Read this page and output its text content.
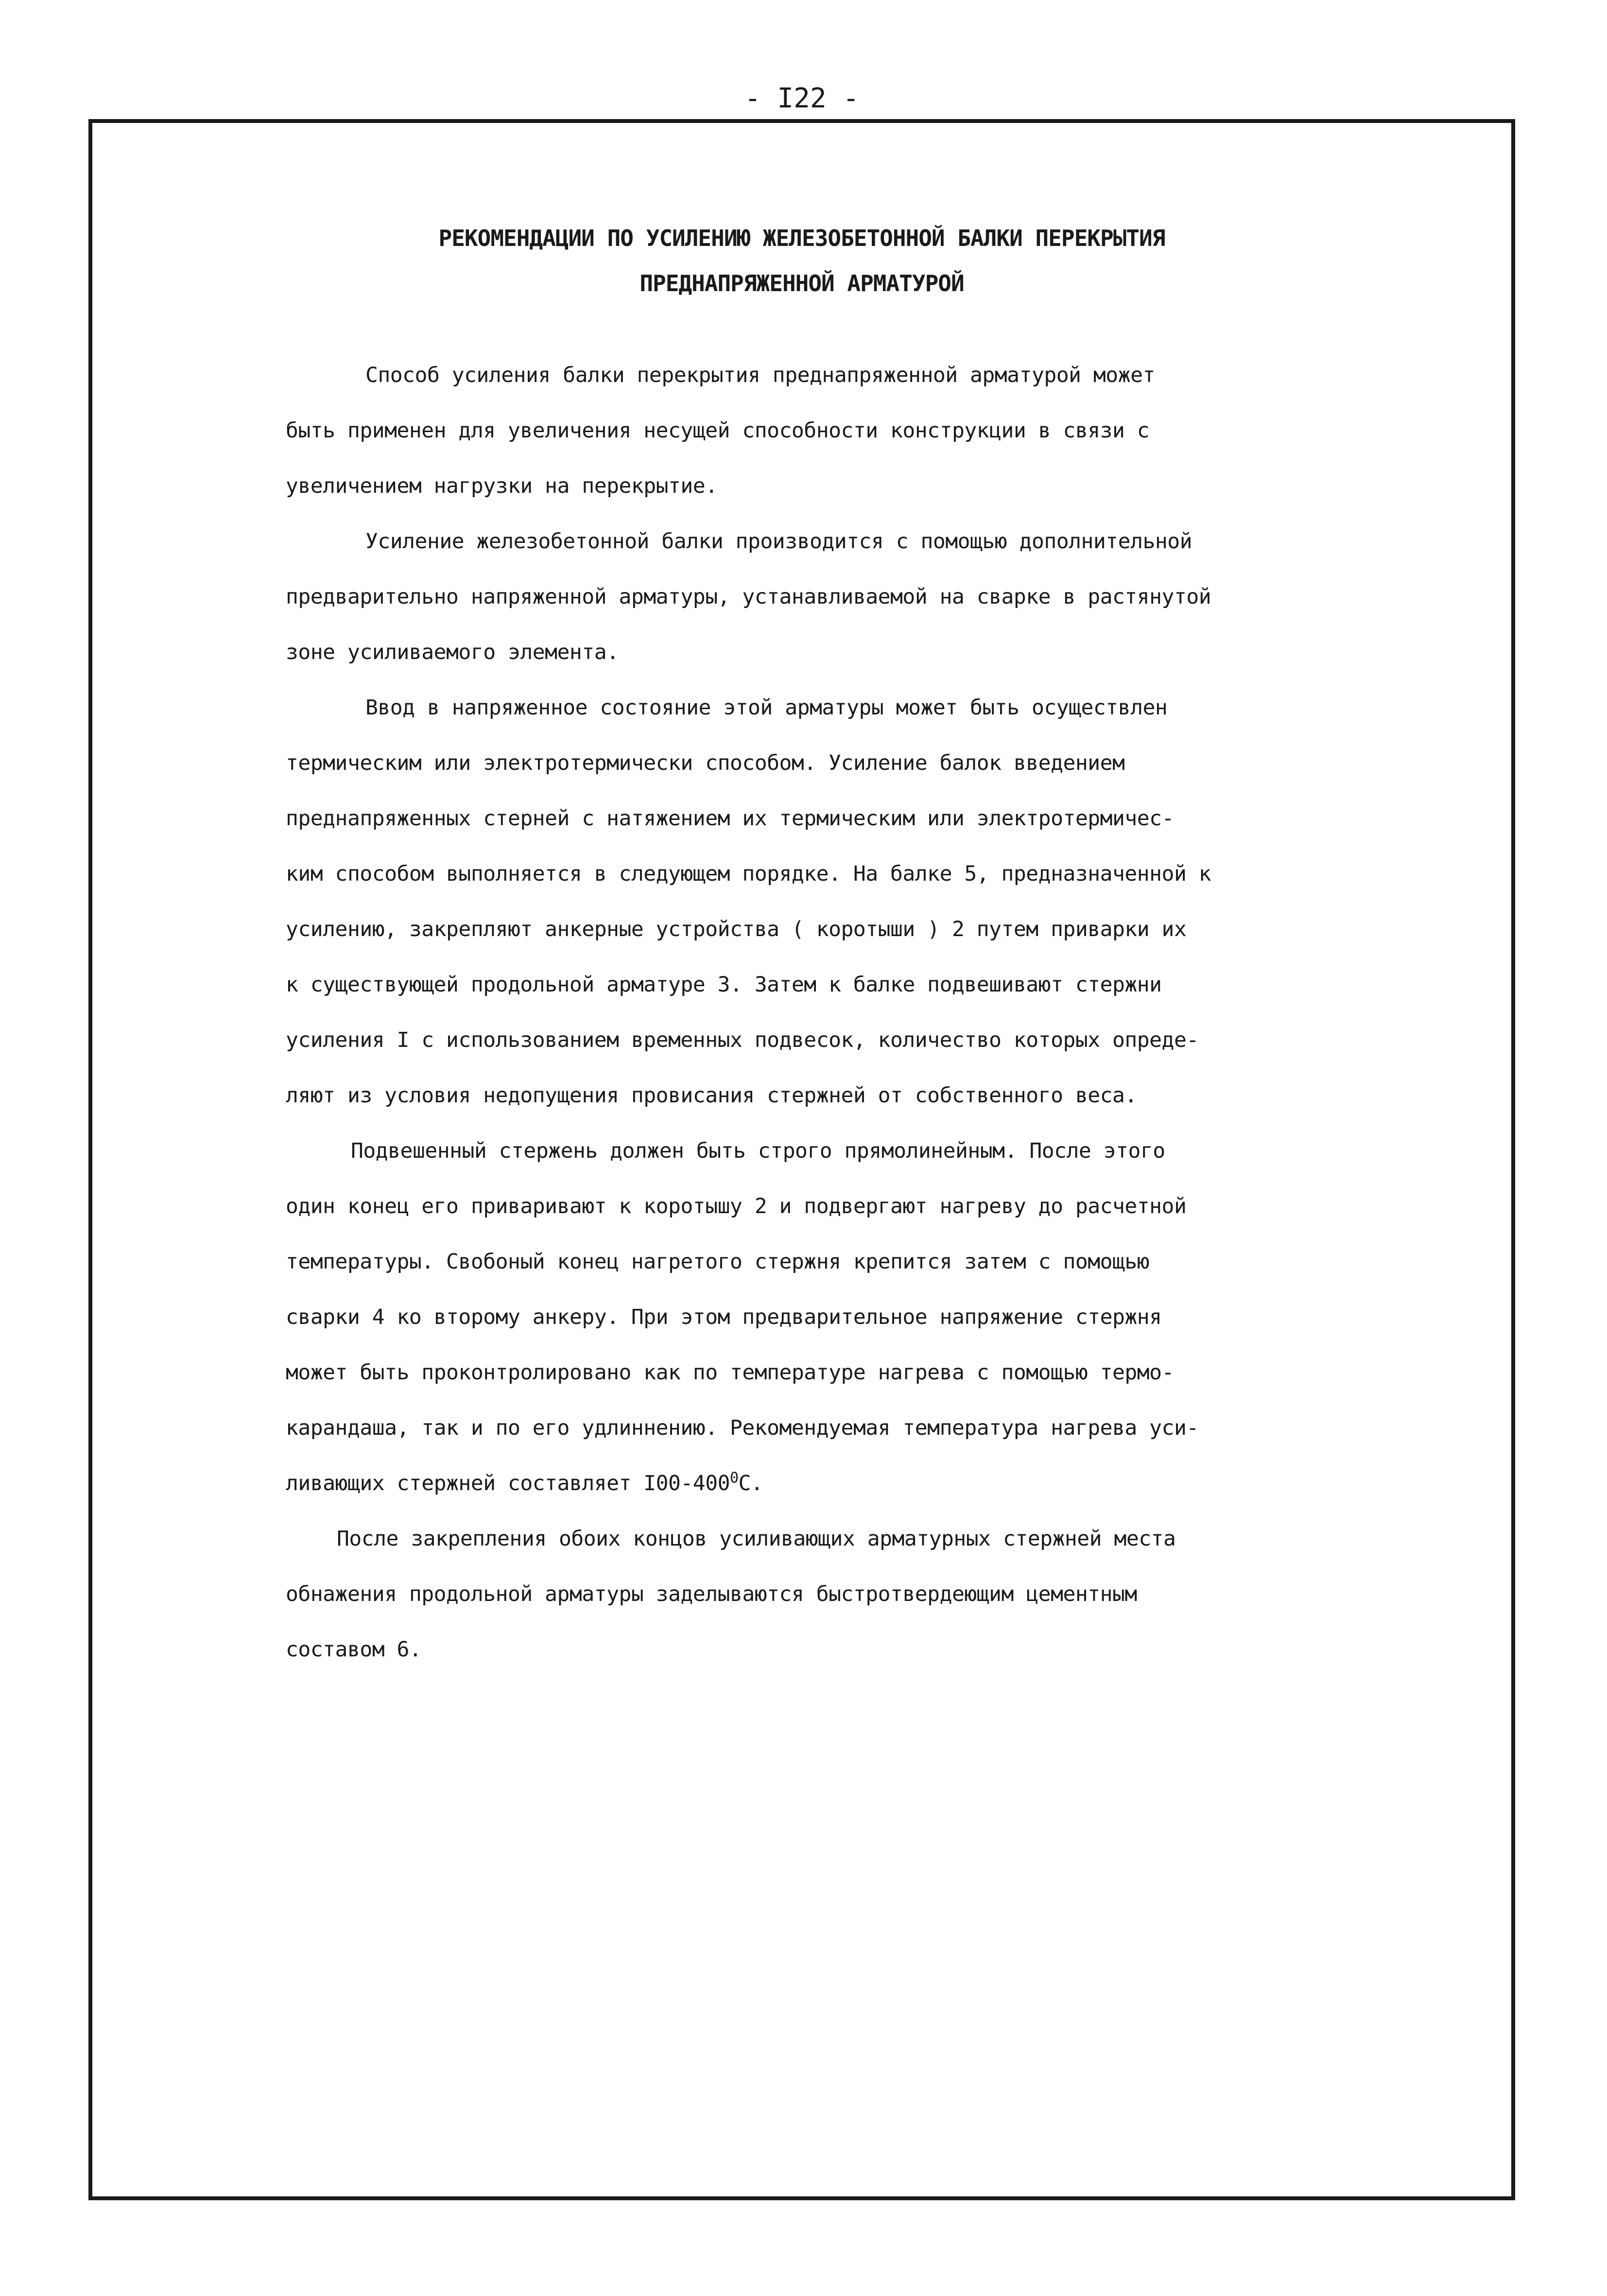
- I22 -
РЕКОМЕНДАЦИИ ПО УСИЛЕНИЮ ЖЕЛЕЗОБЕТОННОЙ БАЛКИ ПЕРЕКРЫТИЯ
ПРЕДНАПРЯЖЕННОЙ АРМАТУРОЙ
Способ усиления балки перекрытия преднапряженной арматурой может
быть применен для увеличения несущей способности конструкции в связи с
увеличением нагрузки на перекрытие.
Усиление железобетонной балки производится с помощью дополнительной
предварительно напряженной арматуры, устанавливаемой на сварке в растянутой
зоне усиливаемого элемента.
Ввод в напряженное состояние этой арматуры может быть осуществлен
термическим или электротермически способом. Усиление балок введением
преднапряженных стерней с натяжением их термическим или электротермичес-
ким способом выполняется в следующем порядке. На балке 5, предназначенной к
усилению, закрепляют анкерные устройства ( коротыши ) 2 путем приварки их
к существующей продольной арматуре 3. Затем к балке подвешивают стержни
усиления I с использованием временных подвесок, количество которых опреде-
ляют из условия недопущения провисания стержней от собственного веса.
Подвешенный стержень должен быть строго прямолинейным. После этого
один конец его приваривают к коротышу 2 и подвергают нагреву до расчетной
температуры. Свобоный конец нагретого стержня крепится затем с помощью
сварки 4 ко второму анкеру. При этом предварительное напряжение стержня
может быть проконтролировано как по температуре нагрева с помощью термо-
карандаша, так и по его удлиннению. Рекомендуемая температура нагрева уси-
ливающих стержней составляет $I00-400^0С$.
После закрепления обоих концов усиливающих арматурных стержней места
обнажения продольной арматуры заделываются быстротвердеющим цементным
составом 6.
